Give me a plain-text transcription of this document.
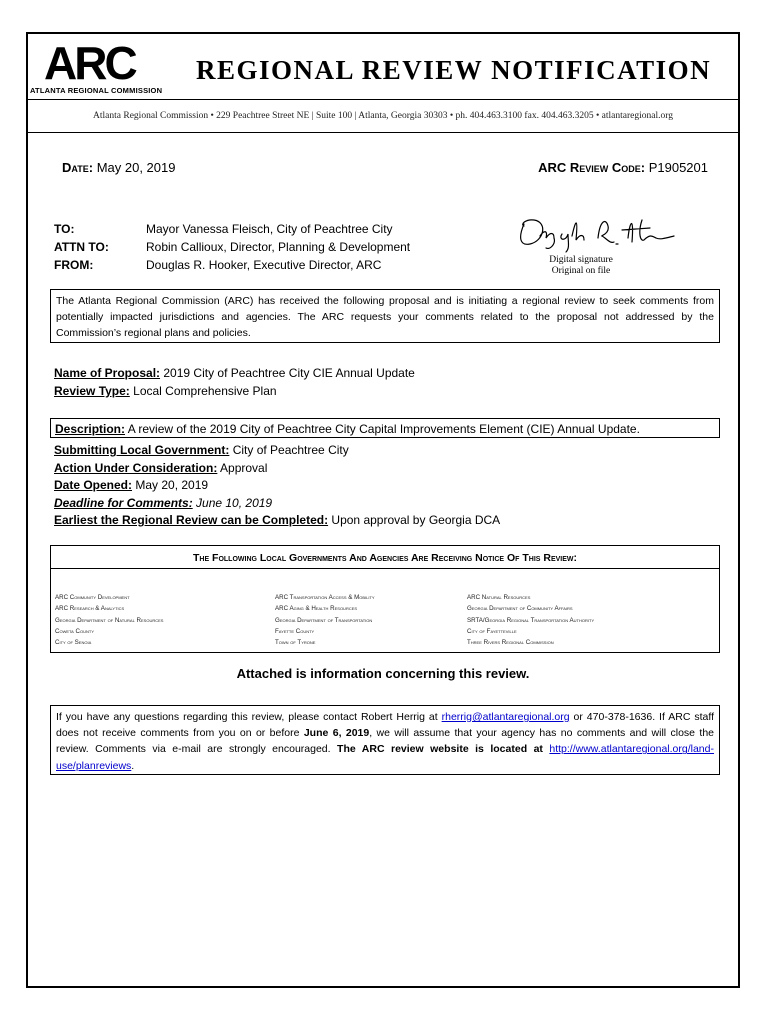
ARC
ATLANTA REGIONAL COMMISSION
REGIONAL REVIEW NOTIFICATION
Atlanta Regional Commission • 229 Peachtree Street NE | Suite 100 | Atlanta, Georgia 30303 • ph. 404.463.3100 fax. 404.463.3205 • atlantaregional.org
Date: May 20, 2019	ARC Review Code: P1905201
TO:
ATTN TO:
FROM:
Mayor Vanessa Fleisch, City of Peachtree City
Robin Callioux, Director, Planning & Development
Douglas R. Hooker, Executive Director, ARC	Digital signature
Original on file
The Atlanta Regional Commission (ARC) has received the following proposal and is initiating a regional review to seek comments from potentially impacted jurisdictions and agencies. The ARC requests your comments related to the proposal not addressed by the Commission’s regional plans and policies.
Name of Proposal: 2019 City of Peachtree City CIE Annual Update
Review Type: Local Comprehensive Plan
Description: A review of the 2019 City of Peachtree City Capital Improvements Element (CIE) Annual Update.
Submitting Local Government: City of Peachtree City
Action Under Consideration: Approval
Date Opened: May 20, 2019
Deadline for Comments: June 10, 2019
Earliest the Regional Review can be Completed: Upon approval by Georgia DCA
The Following Local Governments And Agencies Are Receiving Notice Of This Review:
ARC Community Development
ARC Research & Analytics
Georgia Department of Natural Resources
Coweta County
City of Senoia
ARC Transportation Access & Mobility
ARC Aging & Health Resources
Georgia Department of Transportation
Fayette County
Town of Tyrone
ARC Natural Resources
Georgia Department of Community Affairs
SRTA/Georgia Regional Transportation Authority
City of Fayetteville
Three Rivers Regional Commission
Attached is information concerning this review.
If you have any questions regarding this review, please contact Robert Herrig at rherrig@atlantaregional.org or 470-378-1636. If ARC staff does not receive comments from you on or before June 6, 2019, we will assume that your agency has no comments and will close the review. Comments via e-mail are strongly encouraged. The ARC review website is located at http://www.atlantaregional.org/land-use/planreviews.
